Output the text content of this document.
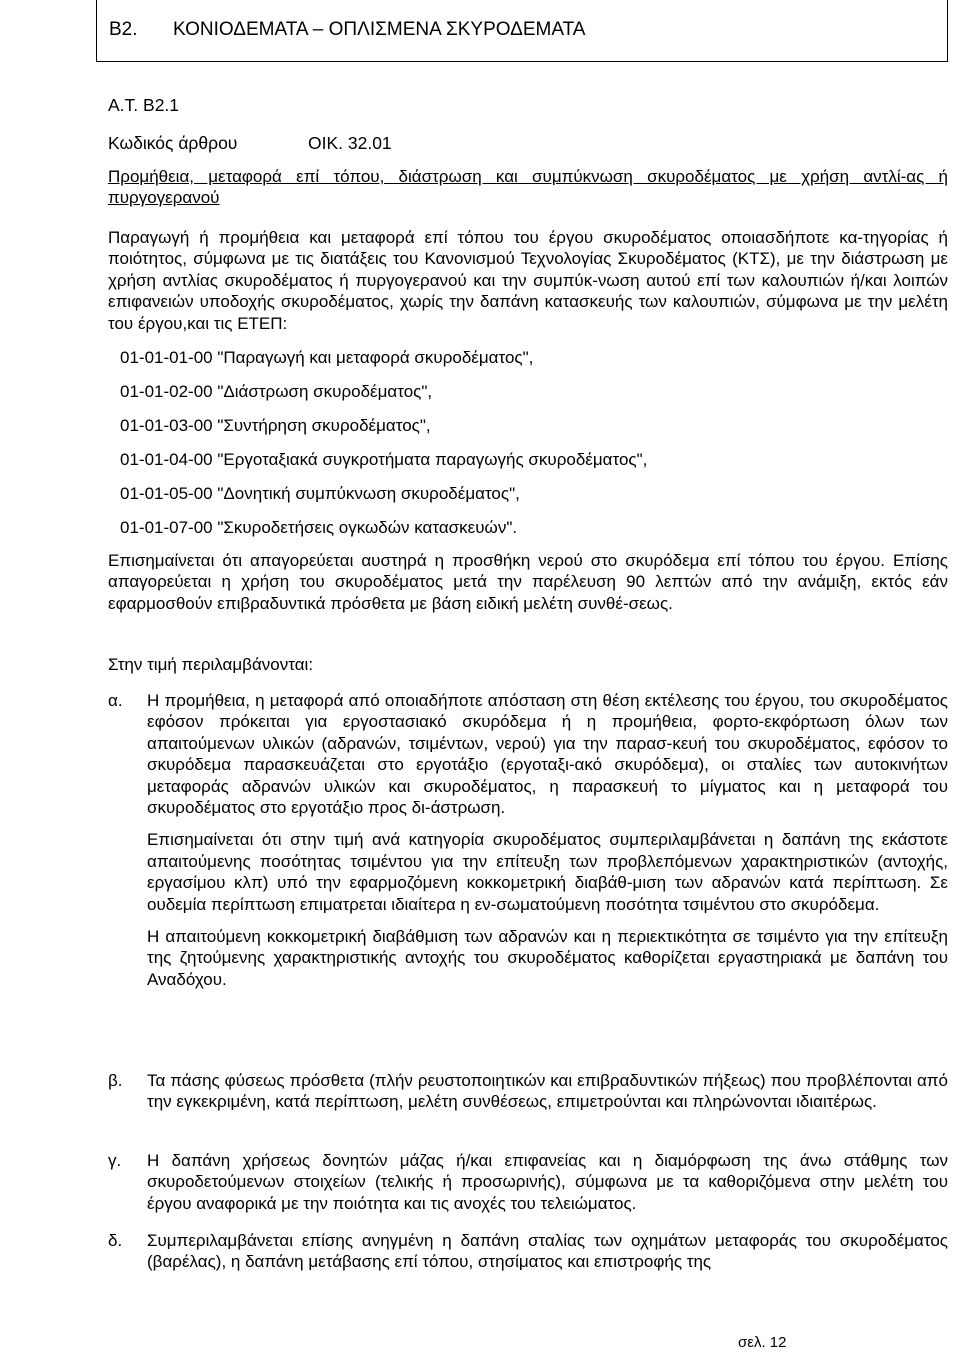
Β2. ΚΟΝΙΟΔΕΜΑΤΑ – ΟΠΛΙΣΜΕΝΑ ΣΚΥΡΟΔΕΜΑΤΑ
Α.Τ. Β2.1
Κωδικός άρθρου	ΟΙΚ. 32.01

Προμήθεια, μεταφορά επί τόπου, διάστρωση και συμπύκνωση σκυροδέματος με χρήση αντλί-ας ή πυργογερανού

Παραγωγή ή προμήθεια και μεταφορά επί τόπου του έργου σκυροδέματος οποιασδήποτε κα-τηγορίας ή ποιότητος, σύμφωνα με τις διατάξεις του Κανονισμού Τεχνολογίας Σκυροδέματος (ΚΤΣ), με την διάστρωση με χρήση αντλίας σκυροδέματος ή πυργογερανού και την συμπύκ-νωση αυτού επί των καλουπιών ή/και λοιπών επιφανειών υποδοχής σκυροδέματος, χωρίς την δαπάνη κατασκευής των καλουπιών, σύμφωνα με την μελέτη του έργου,και τις ΕΤΕΠ:

01-01-01-00 "Παραγωγή και μεταφορά σκυροδέματος",
01-01-02-00 "Διάστρωση σκυροδέματος",
01-01-03-00 "Συντήρηση σκυροδέματος",
01-01-04-00 "Εργοταξιακά συγκροτήματα παραγωγής σκυροδέματος",
01-01-05-00 "Δονητική συμπύκνωση σκυροδέματος",
01-01-07-00 "Σκυροδετήσεις ογκωδών κατασκευών".

Επισημαίνεται ότι απαγορεύεται αυστηρά η προσθήκη νερού στο σκυρόδεμα επί τόπου του έργου. Επίσης απαγορεύεται η χρήση του σκυροδέματος μετά την παρέλευση 90 λεπτών από την ανάμιξη, εκτός εάν εφαρμοσθούν επιβραδυντικά πρόσθετα με βάση ειδική μελέτη συνθέ-σεως.

Στην τιμή περιλαμβάνονται:
α. Η προμήθεια, η μεταφορά από οποιαδήποτε απόσταση στη θέση εκτέλεσης του έργου, του σκυροδέματος εφόσον πρόκειται για εργοστασιακό σκυρόδεμα ή η προμήθεια, φορτο-εκφόρτωση όλων των απαιτούμενων υλικών (αδρανών, τσιμέντων, νερού) για την παρασ-κευή του σκυροδέματος, εφόσον το σκυρόδεμα παρασκευάζεται στο εργοτάξιο (εργοταξι-ακό σκυρόδεμα), οι σταλίες των αυτοκινήτων μεταφοράς αδρανών υλικών και σκυροδέματος, η παρασκευή το μίγματος και η μεταφορά του σκυροδέματος στο εργοτάξιο προς δι-άστρωση.

Επισημαίνεται ότι στην τιμή ανά κατηγορία σκυροδέματος συμπεριλαμβάνεται η δαπάνη της εκάστοτε απαιτούμενης ποσότητας τσιμέντου για την επίτευξη των προβλεπόμενων χαρακτηριστικών (αντοχής, εργασίμου κλπ) υπό την εφαρμοζόμενη κοκκομετρική διαβάθ-μιση των αδρανών κατά περίπτωση. Σε ουδεμία περίπτωση επιματρεται ιδιαίτερα η εν-σωματούμενη ποσότητα τσιμέντου στο σκυρόδεμα.

Η απαιτούμενη κοκκομετρική διαβάθμιση των αδρανών και η περιεκτικότητα σε τσιμέντο για την επίτευξη της ζητούμενης χαρακτηριστικής αντοχής του σκυροδέματος καθορίζεται εργαστηριακά με δαπάνη του Αναδόχου.

β. Τα πάσης φύσεως πρόσθετα (πλήν ρευστοποιητικών και επιβραδυντικών πήξεως) που προβλέπονται από την εγκεκριμένη, κατά περίπτωση, μελέτη συνθέσεως, επιμετρούνται και πληρώνονται ιδιαιτέρως.

γ. Η δαπάνη χρήσεως δονητών μάζας ή/και επιφανείας και η διαμόρφωση της άνω στάθμης των σκυροδετούμενων στοιχείων (τελικής ή προσωρινής), σύμφωνα με τα καθοριζόμενα στην μελέτη του έργου αναφορικά με την ποιότητα και τις ανοχές του τελειώματος.

δ. Συμπεριλαμβάνεται επίσης ανηγμένη η δαπάνη σταλίας των οχημάτων μεταφοράς του σκυροδέματος (βαρέλας), η δαπάνη μετάβασης επί τόπου, στησίματος και επιστροφής της

σελ. 12
